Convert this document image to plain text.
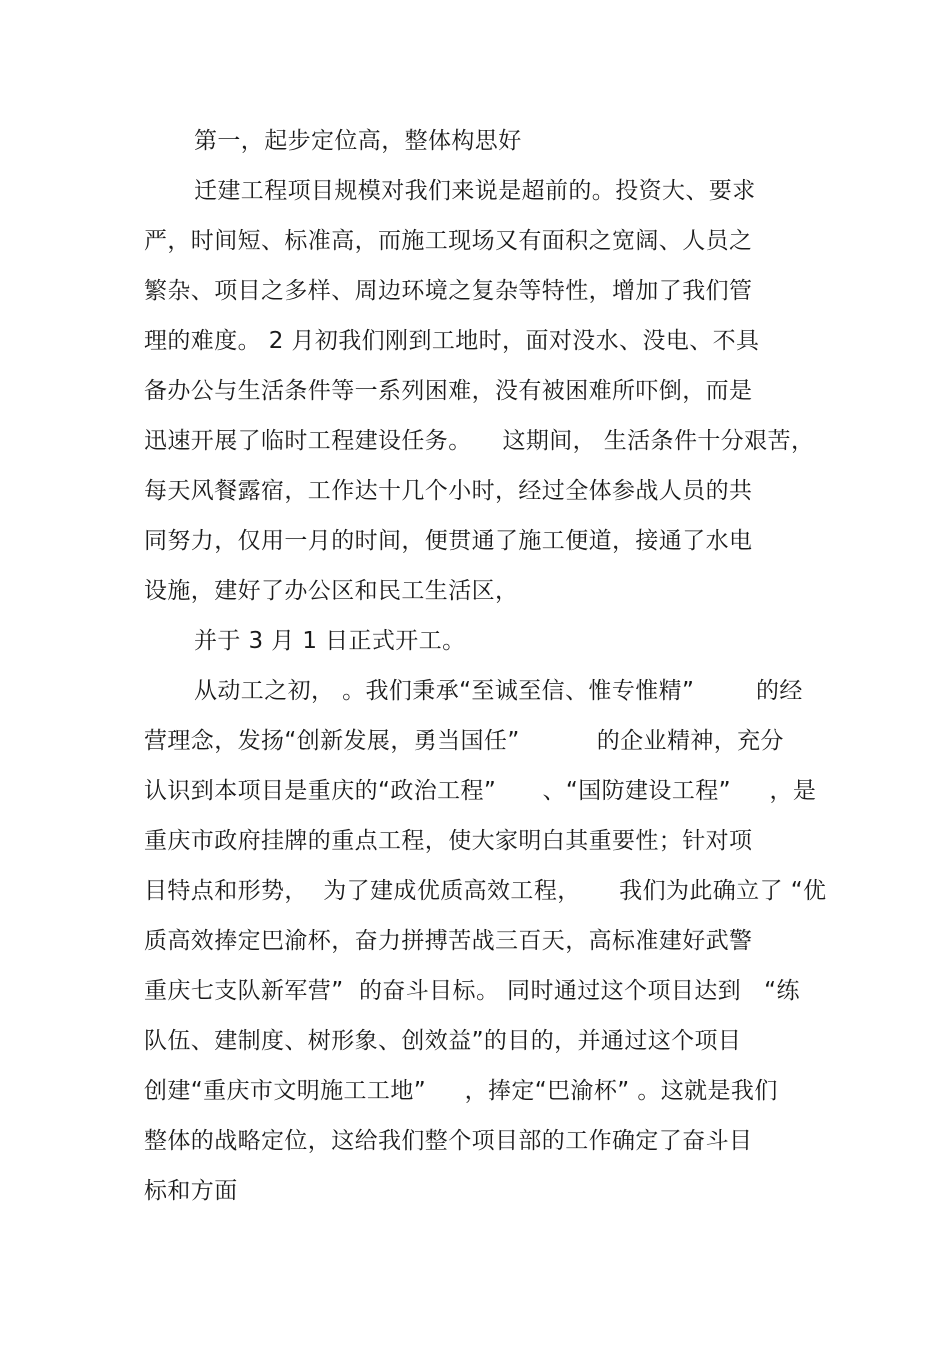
第一，起步定位高，整体构思好

迁建工程项目规模对我们来说是超前的。投资大、要求

严，时间短、标准高，而施工现场又有面积之宽阔、人员之

繁杂、项目之多样、周边环境之复杂等特性，增加了我们管

理的难度。 2 月初我们刚到工地时，面对没水、没电、不具

备办公与生活条件等一系列困难，没有被困难所吓倒，而是

迅速开展了临时工程建设任务。    这期间， 生活条件十分艰苦，

每天风餐露宿，工作达十几个小时，经过全体参战人员的共

同努力，仅用一月的时间，便贯通了施工便道，接通了水电

设施，建好了办公区和民工生活区，

并于 3 月 1 日正式开工。

从动工之初， 。我们秉承“至诚至信、惟专惟精”        的经

营理念，发扬“创新发展，勇当国任”          的企业精神，充分

认识到本项目是重庆的“政治工程”      、“国防建设工程”     ，是

重庆市政府挂牌的重点工程，使大家明白其重要性；针对项

目特点和形势，  为了建成优质高效工程，     我们为此确立了 “优

质高效捧定巴渝杯，奋力拼搏苦战三百天，高标准建好武警

重庆七支队新军营”  的奋斗目标。 同时通过这个项目达到   “练

队伍、建制度、树形象、创效益”的目的，并通过这个项目

创建“重庆市文明施工工地”     ，捧定“巴渝杯” 。这就是我们

整体的战略定位，这给我们整个项目部的工作确定了奋斗目

标和方面
